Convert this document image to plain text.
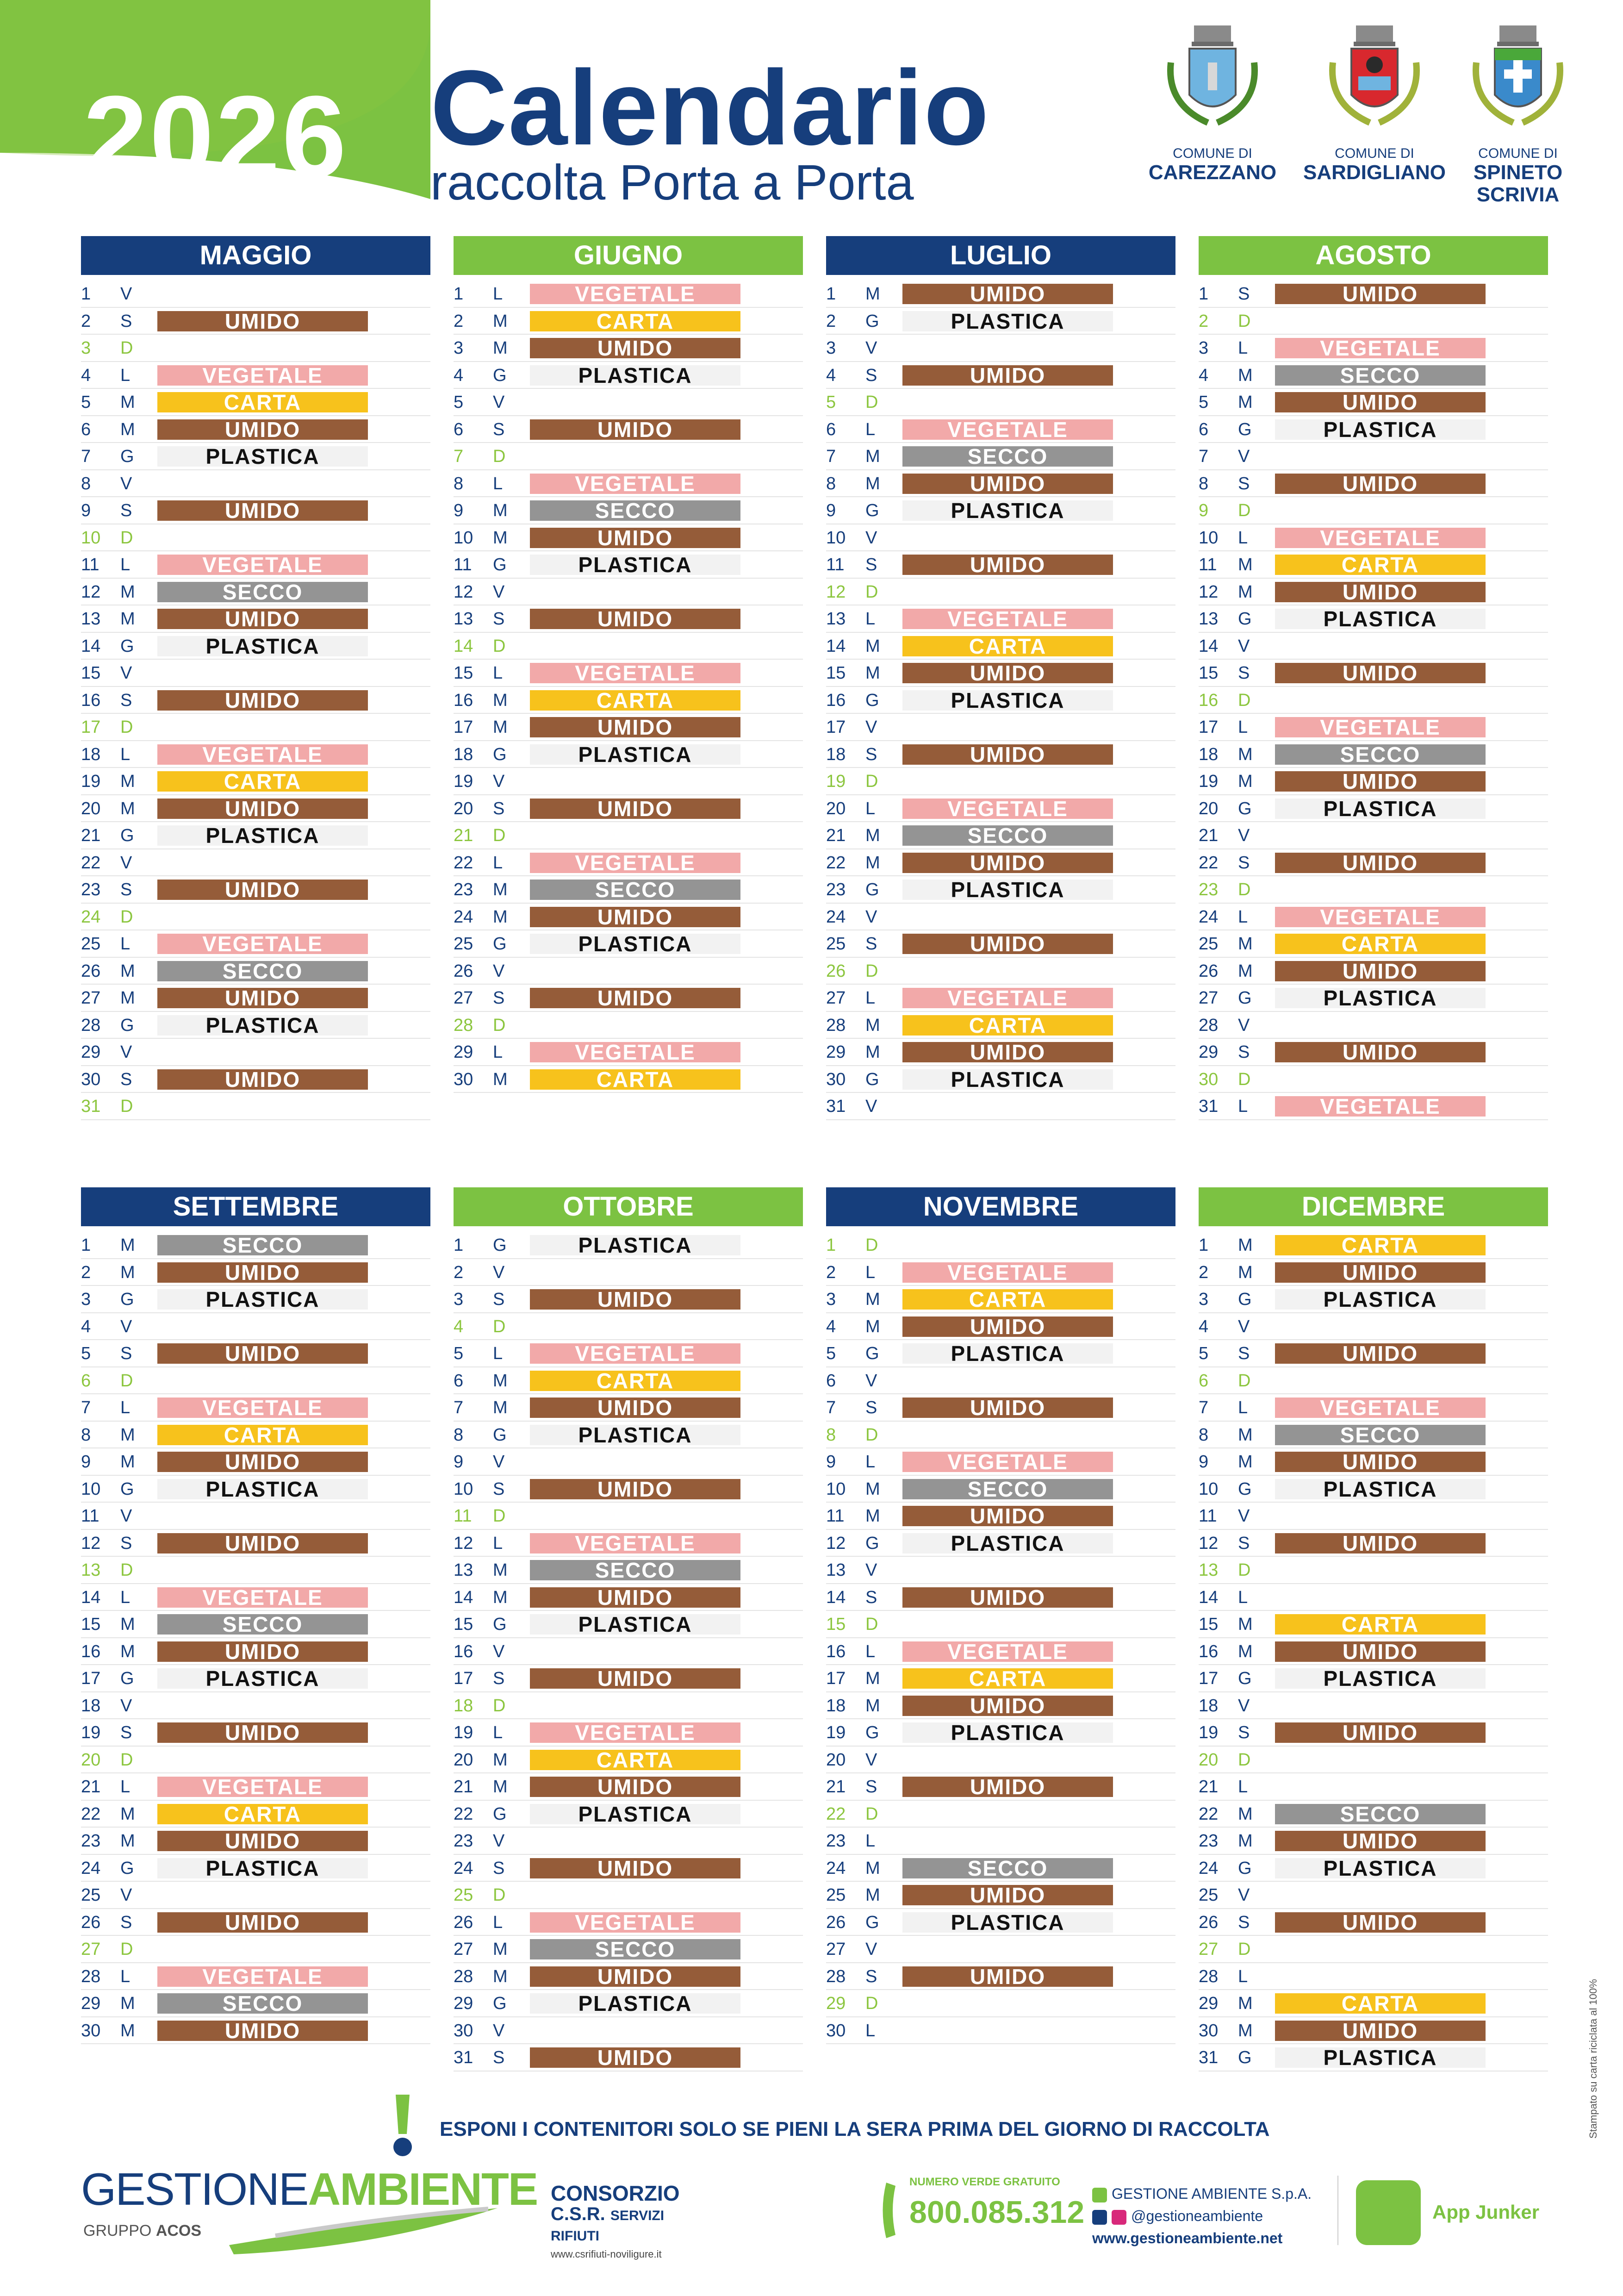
2026 Calendario
raccolta Porta a Porta
COMUNE DI
CAREZZANO
COMUNE DI
SARDIGLIANO
COMUNE DI
SPINETO
SCRIVIA
MAGGIO
1	V
2	S	UMIDO
3	D
4	L	VEGETALE
5	M	CARTA
6	M	UMIDO
7	G	PLASTICA
8	V
9	S	UMIDO
10	D
11	L	VEGETALE
12	M	SECCO
13	M	UMIDO
14	G	PLASTICA
15	V
16	S	UMIDO
17	D
18	L	VEGETALE
19	M	CARTA
20	M	UMIDO
21	G	PLASTICA
22	V
23	S	UMIDO
24	D
25	L	VEGETALE
26	M	SECCO
27	M	UMIDO
28	G	PLASTICA
29	V
30	S	UMIDO
31	D
GIUGNO
1	L	VEGETALE
2	M	CARTA
3	M	UMIDO
4	G	PLASTICA
5	V
6	S	UMIDO
7	D
8	L	VEGETALE
9	M	SECCO
10	M	UMIDO
11	G	PLASTICA
12	V
13	S	UMIDO
14	D
15	L	VEGETALE
16	M	CARTA
17	M	UMIDO
18	G	PLASTICA
19	V
20	S	UMIDO
21	D
22	L	VEGETALE
23	M	SECCO
24	M	UMIDO
25	G	PLASTICA
26	V
27	S	UMIDO
28	D
29	L	VEGETALE
30	M	CARTA
LUGLIO
1	M	UMIDO
2	G	PLASTICA
3	V
4	S	UMIDO
5	D
6	L	VEGETALE
7	M	SECCO
8	M	UMIDO
9	G	PLASTICA
10	V
11	S	UMIDO
12	D
13	L	VEGETALE
14	M	CARTA
15	M	UMIDO
16	G	PLASTICA
17	V
18	S	UMIDO
19	D
20	L	VEGETALE
21	M	SECCO
22	M	UMIDO
23	G	PLASTICA
24	V
25	S	UMIDO
26	D
27	L	VEGETALE
28	M	CARTA
29	M	UMIDO
30	G	PLASTICA
31	V
AGOSTO
1	S	UMIDO
2	D
3	L	VEGETALE
4	M	SECCO
5	M	UMIDO
6	G	PLASTICA
7	V
8	S	UMIDO
9	D
10	L	VEGETALE
11	M	CARTA
12	M	UMIDO
13	G	PLASTICA
14	V
15	S	UMIDO
16	D
17	L	VEGETALE
18	M	SECCO
19	M	UMIDO
20	G	PLASTICA
21	V
22	S	UMIDO
23	D
24	L	VEGETALE
25	M	CARTA
26	M	UMIDO
27	G	PLASTICA
28	V
29	S	UMIDO
30	D
31	L	VEGETALE
SETTEMBRE
1	M	SECCO
2	M	UMIDO
3	G	PLASTICA
4	V
5	S	UMIDO
6	D
7	L	VEGETALE
8	M	CARTA
9	M	UMIDO
10	G	PLASTICA
11	V
12	S	UMIDO
13	D
14	L	VEGETALE
15	M	SECCO
16	M	UMIDO
17	G	PLASTICA
18	V
19	S	UMIDO
20	D
21	L	VEGETALE
22	M	CARTA
23	M	UMIDO
24	G	PLASTICA
25	V
26	S	UMIDO
27	D
28	L	VEGETALE
29	M	SECCO
30	M	UMIDO
OTTOBRE
1	G	PLASTICA
2	V
3	S	UMIDO
4	D
5	L	VEGETALE
6	M	CARTA
7	M	UMIDO
8	G	PLASTICA
9	V
10	S	UMIDO
11	D
12	L	VEGETALE
13	M	SECCO
14	M	UMIDO
15	G	PLASTICA
16	V
17	S	UMIDO
18	D
19	L	VEGETALE
20	M	CARTA
21	M	UMIDO
22	G	PLASTICA
23	V
24	S	UMIDO
25	D
26	L	VEGETALE
27	M	SECCO
28	M	UMIDO
29	G	PLASTICA
30	V
31	S	UMIDO
NOVEMBRE
1	D
2	L	VEGETALE
3	M	CARTA
4	M	UMIDO
5	G	PLASTICA
6	V
7	S	UMIDO
8	D
9	L	VEGETALE
10	M	SECCO
11	M	UMIDO
12	G	PLASTICA
13	V
14	S	UMIDO
15	D
16	L	VEGETALE
17	M	CARTA
18	M	UMIDO
19	G	PLASTICA
20	V
21	S	UMIDO
22	D
23	L
24	M	SECCO
25	M	UMIDO
26	G	PLASTICA
27	V
28	S	UMIDO
29	D
30	L
DICEMBRE
1	M	CARTA
2	M	UMIDO
3	G	PLASTICA
4	V
5	S	UMIDO
6	D
7	L	VEGETALE
8	M	SECCO
9	M	UMIDO
10	G	PLASTICA
11	V
12	S	UMIDO
13	D
14	L
15	M	CARTA
16	M	UMIDO
17	G	PLASTICA
18	V
19	S	UMIDO
20	D
21	L
22	M	SECCO
23	M	UMIDO
24	G	PLASTICA
25	V
26	S	UMIDO
27	D
28	L
29	M	CARTA
30	M	UMIDO
31	G	PLASTICA	Stampato su carta riciclata al 100%
ESPONI I CONTENITORI SOLO SE PIENI LA SERA PRIMA DEL GIORNO DI RACCOLTA
GESTIONEAMBIENTE
GRUPPO ACOS
CONSORZIO
C.S.R. SERVIZI RIFIUTI
www.csrifiuti-noviligure.it
NUMERO VERDE GRATUITO
800.085.312
GESTIONE AMBIENTE S.p.A.
@gestioneambiente
www.gestioneambiente.net
App Junker
